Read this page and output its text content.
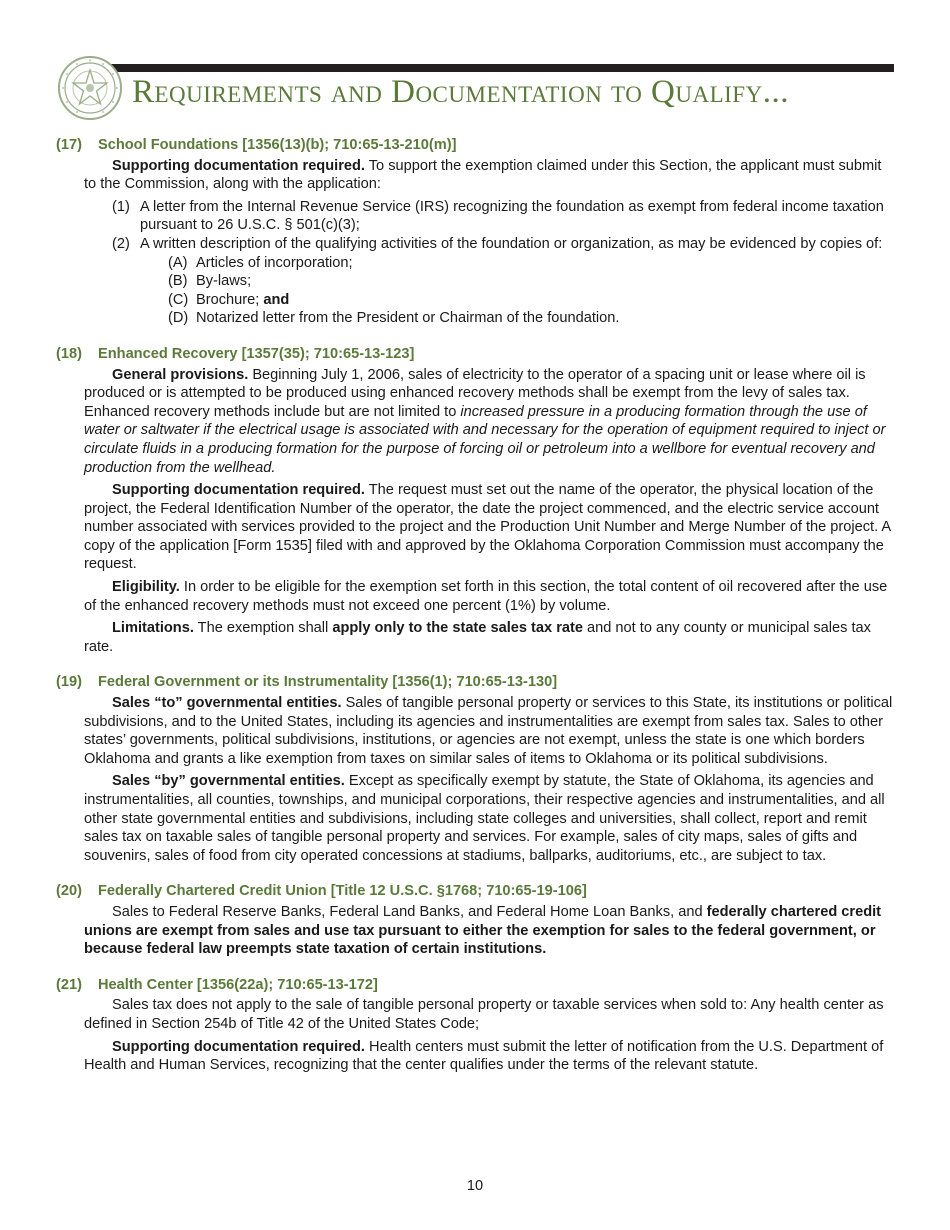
Requirements and Documentation to Qualify...
(17) School Foundations [1356(13)(b); 710:65-13-210(m)]

Supporting documentation required. To support the exemption claimed under this Section, the applicant must submit to the Commission, along with the application:

(1) A letter from the Internal Revenue Service (IRS) recognizing the foundation as exempt from federal income taxation pursuant to 26 U.S.C. § 501(c)(3);
(2) A written description of the qualifying activities of the foundation or organization, as may be evidenced by copies of:
(A) Articles of incorporation;
(B) By-laws;
(C) Brochure; and
(D) Notarized letter from the President or Chairman of the foundation.
(18) Enhanced Recovery [1357(35); 710:65-13-123]

General provisions. Beginning July 1, 2006, sales of electricity to the operator of a spacing unit or lease where oil is produced or is attempted to be produced using enhanced recovery methods shall be exempt from the levy of sales tax. Enhanced recovery methods include but are not limited to increased pressure in a producing formation through the use of water or saltwater if the electrical usage is associated with and necessary for the operation of equipment required to inject or circulate fluids in a producing formation for the purpose of forcing oil or petroleum into a wellbore for eventual recovery and production from the wellhead.

Supporting documentation required. The request must set out the name of the operator, the physical location of the project, the Federal Identification Number of the operator, the date the project commenced, and the electric service account number associated with services provided to the project and the Production Unit Number and Merge Number of the project. A copy of the application [Form 1535] filed with and approved by the Oklahoma Corporation Commission must accompany the request.

Eligibility. In order to be eligible for the exemption set forth in this section, the total content of oil recovered after the use of the enhanced recovery methods must not exceed one percent (1%) by volume.

Limitations. The exemption shall apply only to the state sales tax rate and not to any county or municipal sales tax rate.

(19) Federal Government or its Instrumentality [1356(1); 710:65-13-130]

Sales “to” governmental entities. Sales of tangible personal property or services to this State, its institutions or political subdivisions, and to the United States, including its agencies and instrumentalities are exempt from sales tax. Sales to other states’ governments, political subdivisions, institutions, or agencies are not exempt, unless the state is one which borders Oklahoma and grants a like exemption from taxes on similar sales of items to Oklahoma or its political subdivisions.

Sales “by” governmental entities. Except as specifically exempt by statute, the State of Oklahoma, its agencies and instrumentalities, all counties, townships, and municipal corporations, their respective agencies and instrumentalities, and all other state governmental entities and subdivisions, including state colleges and universities, shall collect, report and remit sales tax on taxable sales of tangible personal property and services. For example, sales of city maps, sales of gifts and souvenirs, sales of food from city operated concessions at stadiums, ballparks, auditoriums, etc., are subject to tax.

(20) Federally Chartered Credit Union [Title 12 U.S.C. §1768; 710:65-19-106]

Sales to Federal Reserve Banks, Federal Land Banks, and Federal Home Loan Banks, and federally chartered credit unions are exempt from sales and use tax pursuant to either the exemption for sales to the federal government, or because federal law preempts state taxation of certain institutions.

(21) Health Center [1356(22a); 710:65-13-172]

Sales tax does not apply to the sale of tangible personal property or taxable services when sold to: Any health center as defined in Section 254b of Title 42 of the United States Code;

Supporting documentation required. Health centers must submit the letter of notification from the U.S. Department of Health and Human Services, recognizing that the center qualifies under the terms of the relevant statute.

10
